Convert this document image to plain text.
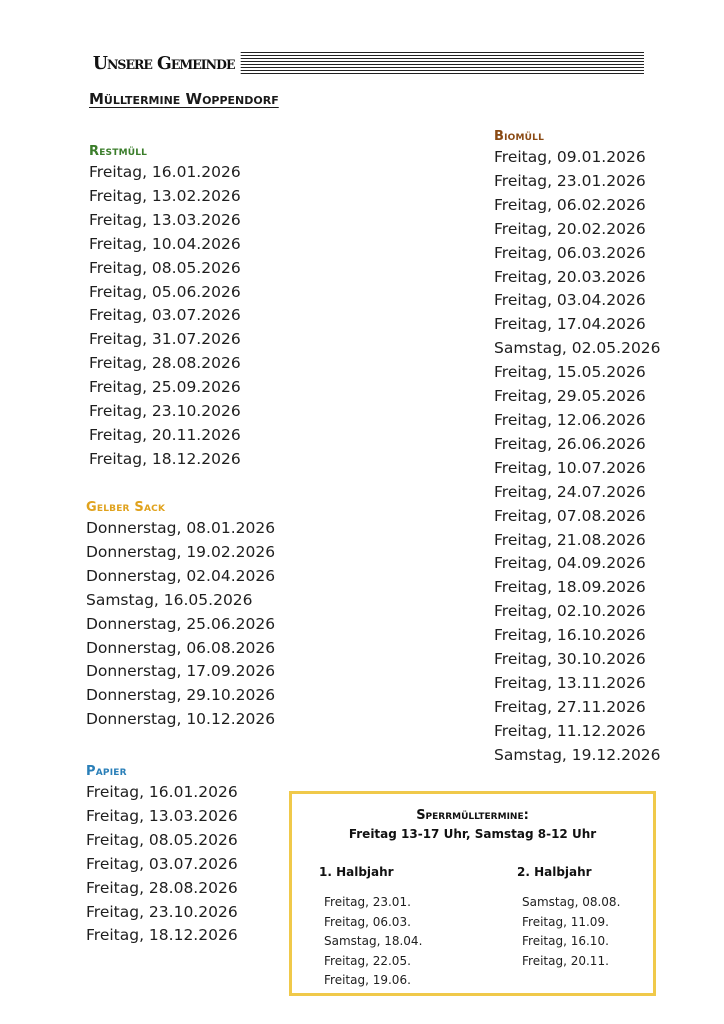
Unsere Gemeinde
Mülltermine Woppendorf
Restmüll
Freitag, 16.01.2026
Freitag, 13.02.2026
Freitag, 13.03.2026
Freitag, 10.04.2026
Freitag, 08.05.2026
Freitag, 05.06.2026
Freitag, 03.07.2026
Freitag, 31.07.2026
Freitag, 28.08.2026
Freitag, 25.09.2026
Freitag, 23.10.2026
Freitag, 20.11.2026
Freitag, 18.12.2026
Gelber Sack
Donnerstag, 08.01.2026
Donnerstag, 19.02.2026
Donnerstag, 02.04.2026
Samstag, 16.05.2026
Donnerstag, 25.06.2026
Donnerstag, 06.08.2026
Donnerstag, 17.09.2026
Donnerstag, 29.10.2026
Donnerstag, 10.12.2026
Papier
Freitag, 16.01.2026
Freitag, 13.03.2026
Freitag, 08.05.2026
Freitag, 03.07.2026
Freitag, 28.08.2026
Freitag, 23.10.2026
Freitag, 18.12.2026
Biomüll
Freitag, 09.01.2026
Freitag, 23.01.2026
Freitag, 06.02.2026
Freitag, 20.02.2026
Freitag, 06.03.2026
Freitag, 20.03.2026
Freitag, 03.04.2026
Freitag, 17.04.2026
Samstag, 02.05.2026
Freitag, 15.05.2026
Freitag, 29.05.2026
Freitag, 12.06.2026
Freitag, 26.06.2026
Freitag, 10.07.2026
Freitag, 24.07.2026
Freitag, 07.08.2026
Freitag, 21.08.2026
Freitag, 04.09.2026
Freitag, 18.09.2026
Freitag, 02.10.2026
Freitag, 16.10.2026
Freitag, 30.10.2026
Freitag, 13.11.2026
Freitag, 27.11.2026
Freitag, 11.12.2026
Samstag, 19.12.2026
Sperrmülltermine:
Freitag 13-17 Uhr, Samstag 8-12 Uhr
1. Halbjahr
Freitag, 23.01.
Freitag, 06.03.
Samstag, 18.04.
Freitag, 22.05.
Freitag, 19.06.
2. Halbjahr
Samstag, 08.08.
Freitag, 11.09.
Freitag, 16.10.
Freitag, 20.11.
